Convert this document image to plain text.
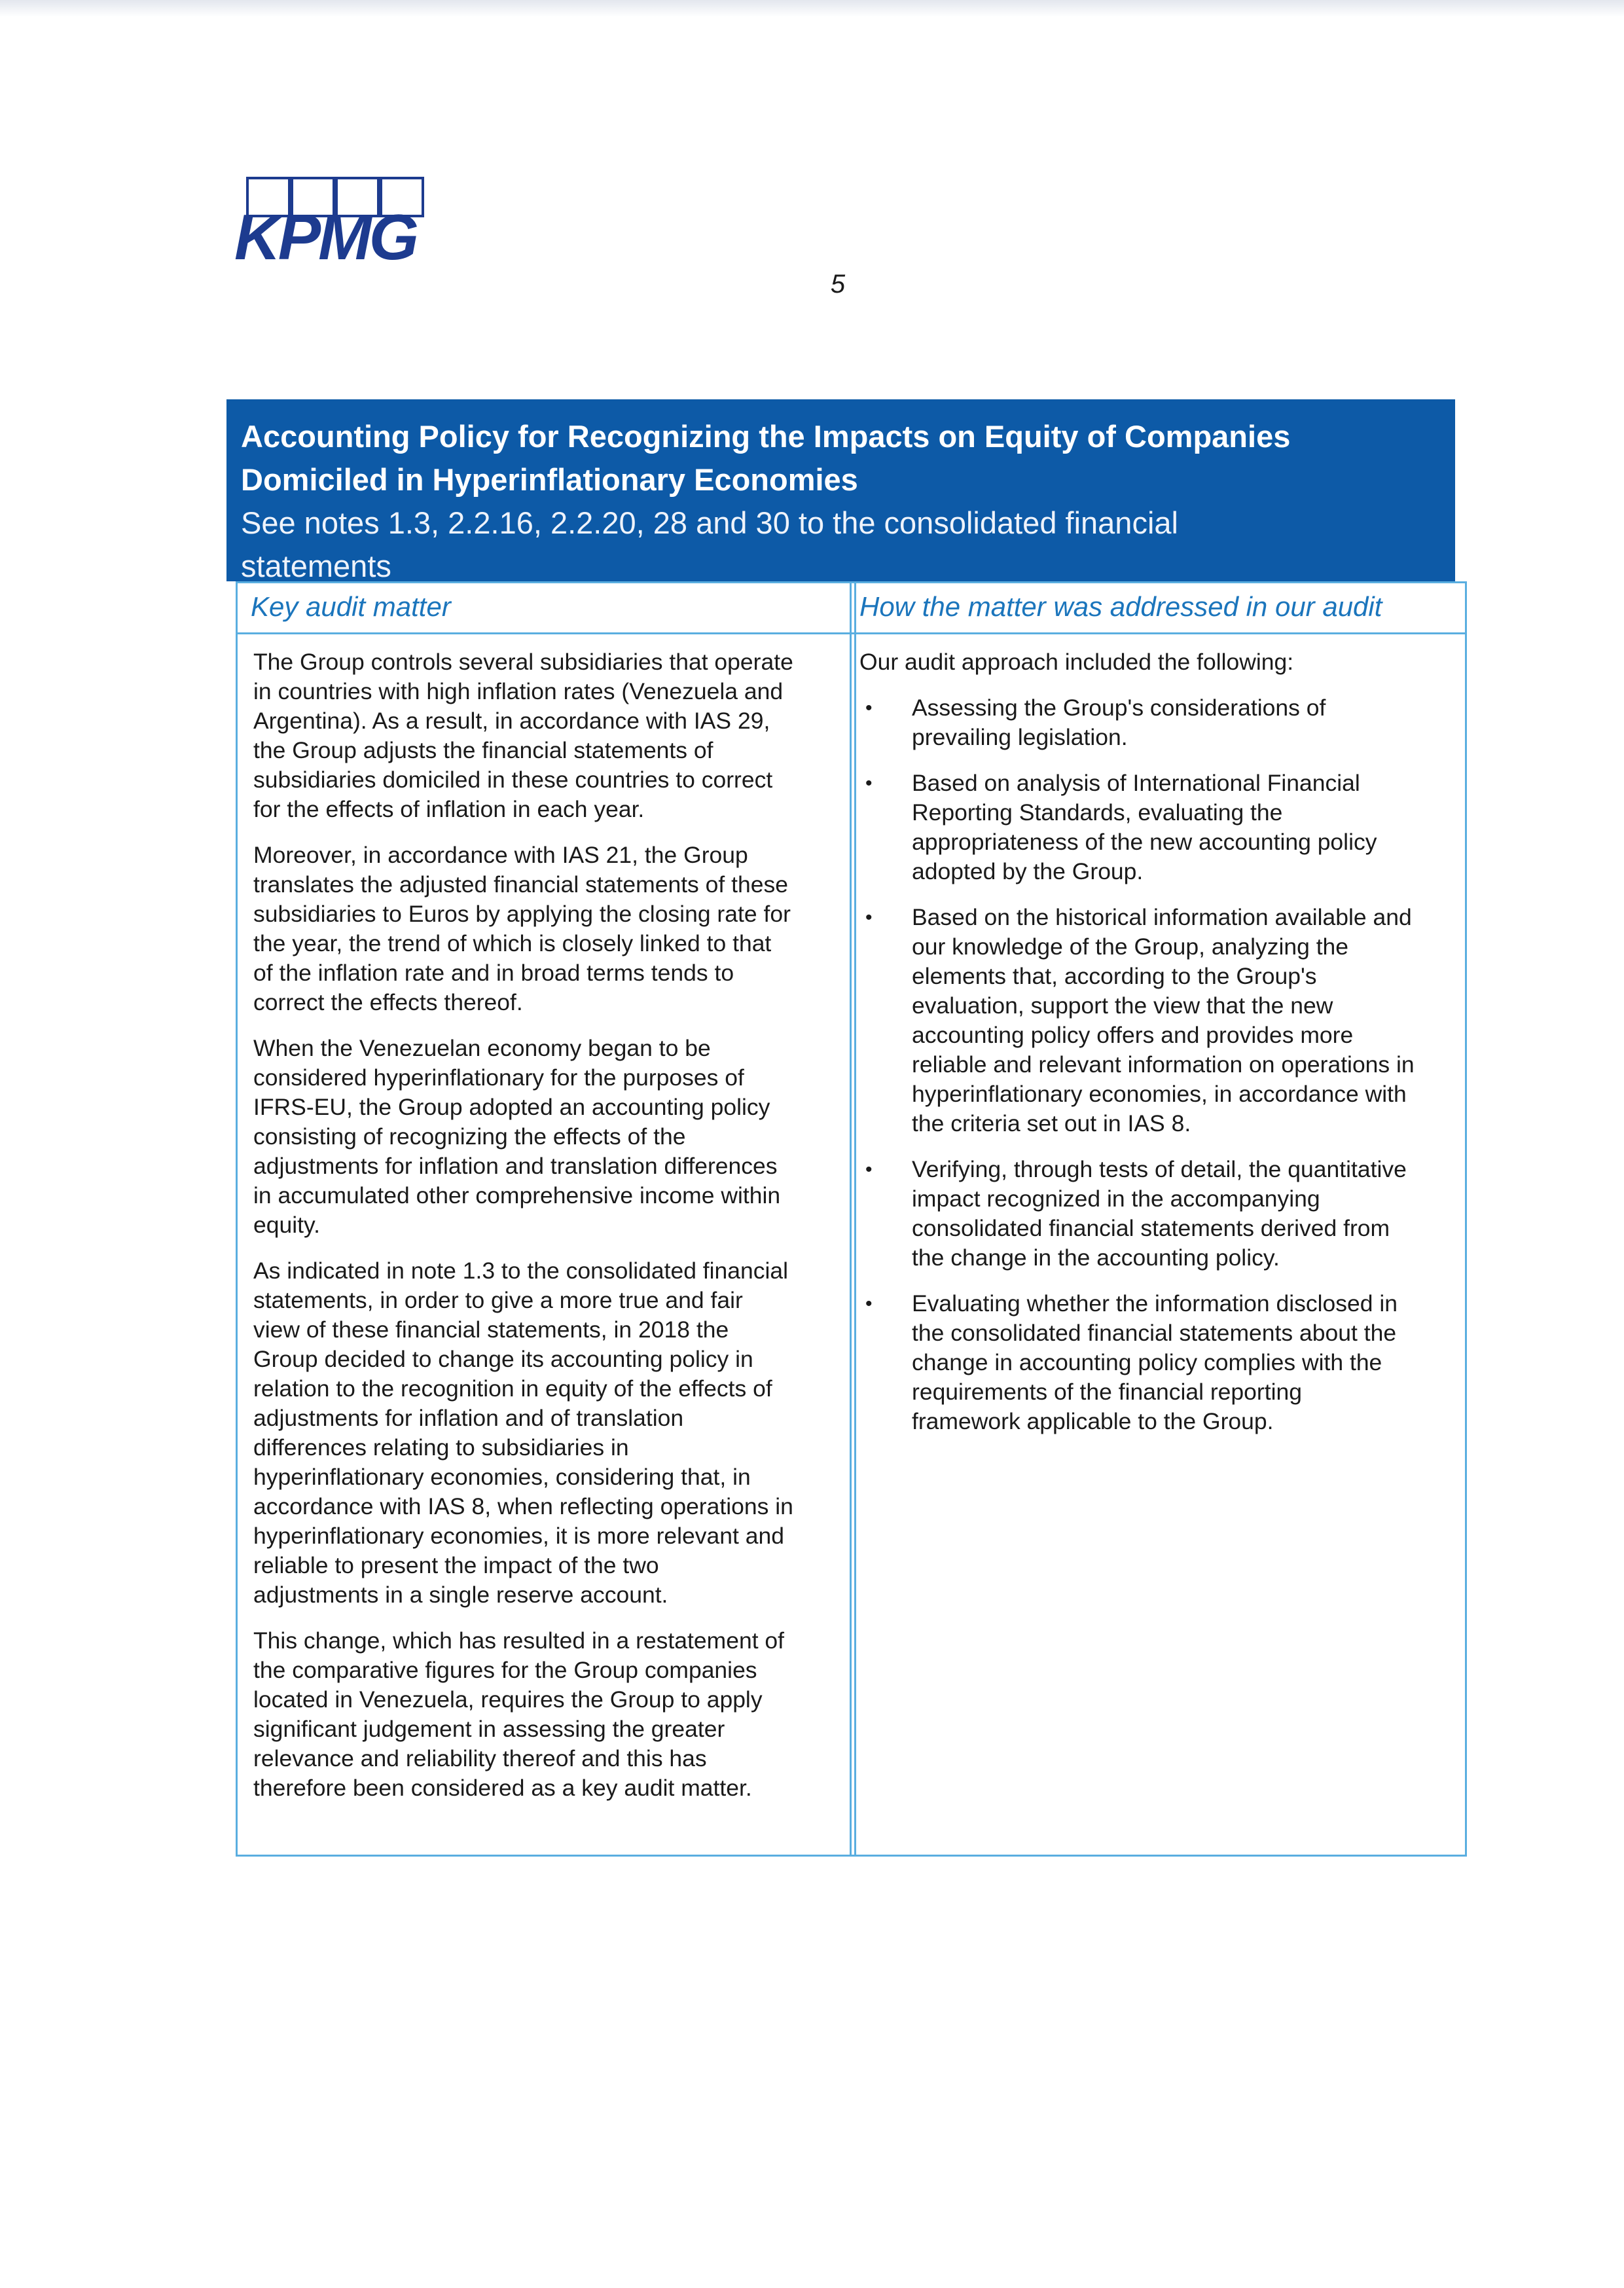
KPMG
5

Accounting Policy for Recognizing the Impacts on Equity of Companies

Domiciled in Hyperinflationary Economies

See notes 1.3, 2.2.16, 2.2.20, 28 and 30 to the consolidated financial

statements

Key audit matter

The Group controls several subsidiaries that operate
in countries with high inflation rates (Venezuela and
Argentina). As a result, in accordance with IAS 29,
the Group adjusts the financial statements of
subsidiaries domiciled in these countries to correct
for the effects of inflation in each year.

Moreover, in accordance with IAS 21, the Group
translates the adjusted financial statements of these
subsidiaries to Euros by applying the closing rate for
the year, the trend of which is closely linked to that
of the inflation rate and in broad terms tends to
correct the effects thereof.

When the Venezuelan economy began to be
considered hyperinflationary for the purposes of
IFRS-EU, the Group adopted an accounting policy
consisting of recognizing the effects of the
adjustments for inflation and translation differences
in accumulated other comprehensive income within
equity.

As indicated in note 1.3 to the consolidated financial
statements, in order to give a more true and fair
view of these financial statements, in 2018 the
Group decided to change its accounting policy in
relation to the recognition in equity of the effects of
adjustments for inflation and of translation
differences relating to subsidiaries in
hyperinflationary economies, considering that, in
accordance with IAS 8, when reflecting operations in
hyperinflationary economies, it is more relevant and
reliable to present the impact of the two
adjustments in a single reserve account.

This change, which has resulted in a restatement of
the comparative figures for the Group companies
located in Venezuela, requires the Group to apply
significant judgement in assessing the greater
relevance and reliability thereof and this has
therefore been considered as a key audit matter.

How the matter was addressed in our audit

Our audit approach included the following:

• Assessing the Group's considerations of
prevailing legislation.
• Based on analysis of International Financial
Reporting Standards, evaluating the
appropriateness of the new accounting policy
adopted by the Group.
• Based on the historical information available and
our knowledge of the Group, analyzing the
elements that, according to the Group's
evaluation, support the view that the new
accounting policy offers and provides more
reliable and relevant information on operations in
hyperinflationary economies, in accordance with
the criteria set out in IAS 8.
• Verifying, through tests of detail, the quantitative
impact recognized in the accompanying
consolidated financial statements derived from
the change in the accounting policy.
• Evaluating whether the information disclosed in
the consolidated financial statements about the
change in accounting policy complies with the
requirements of the financial reporting
framework applicable to the Group.
